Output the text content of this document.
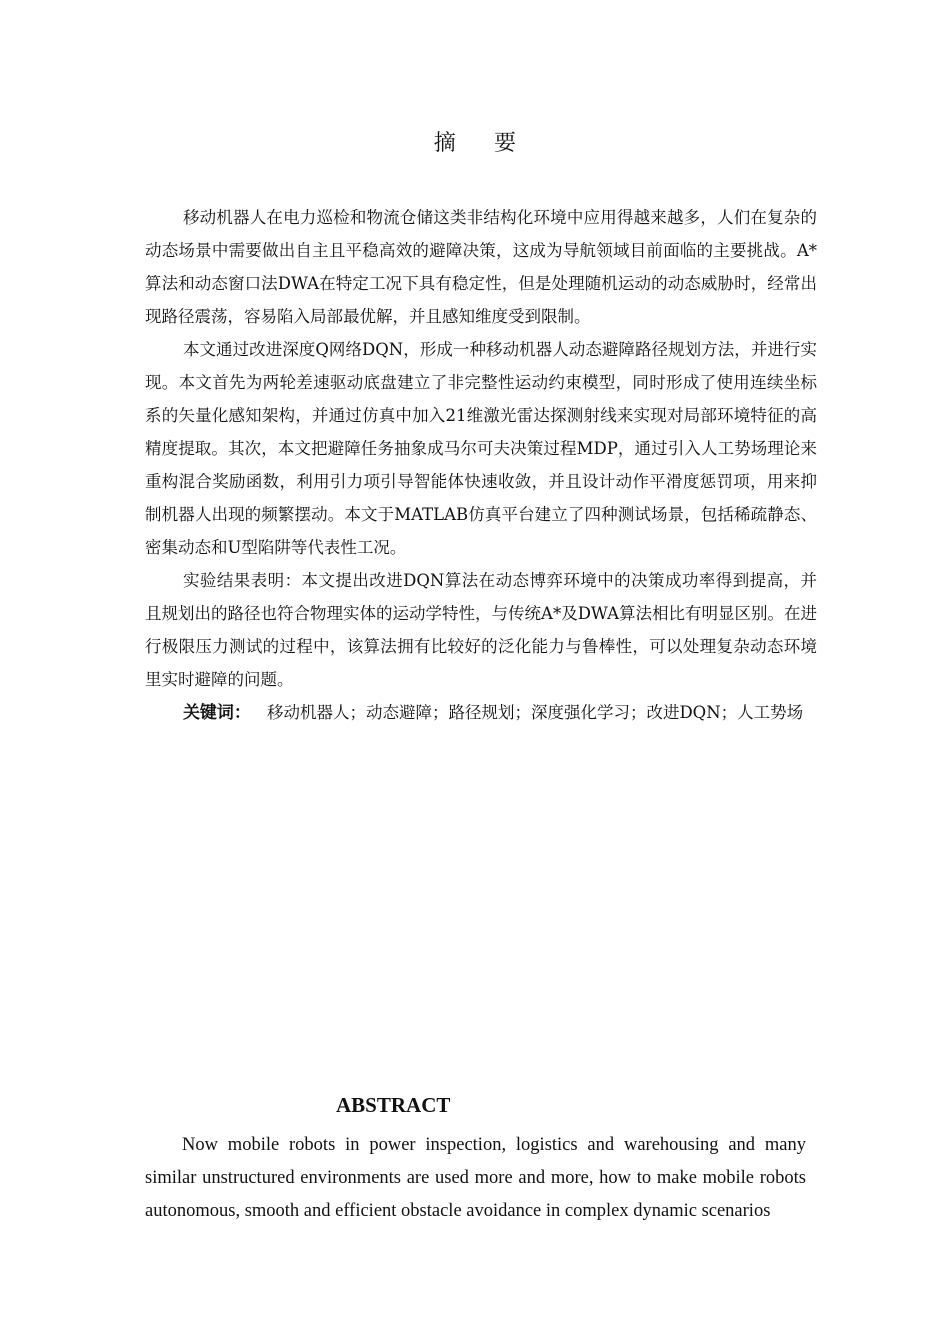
摘 要

移动机器人在电力巡检和物流仓储这类非结构化环境中应用得越来越多，人们在复杂的动态场景中需要做出自主且平稳高效的避障决策，这成为导航领域目前面临的主要挑战。A*算法和动态窗口法DWA在特定工况下具有稳定性，但是处理随机运动的动态威胁时，经常出现路径震荡，容易陷入局部最优解，并且感知维度受到限制。

本文通过改进深度Q网络DQN，形成一种移动机器人动态避障路径规划方法，并进行实现。本文首先为两轮差速驱动底盘建立了非完整性运动约束模型，同时形成了使用连续坐标系的矢量化感知架构，并通过仿真中加入21维激光雷达探测射线来实现对局部环境特征的高精度提取。其次，本文把避障任务抽象成马尔可夫决策过程MDP，通过引入人工势场理论来重构混合奖励函数，利用引力项引导智能体快速收敛，并且设计动作平滑度惩罚项，用来抑制机器人出现的频繁摆动。本文于MATLAB仿真平台建立了四种测试场景，包括稀疏静态、密集动态和U型陷阱等代表性工况。

实验结果表明：本文提出改进DQN算法在动态博弈环境中的决策成功率得到提高，并且规划出的路径也符合物理实体的运动学特性，与传统A*及DWA算法相比有明显区别。在进行极限压力测试的过程中，该算法拥有比较好的泛化能力与鲁棒性，可以处理复杂动态环境里实时避障的问题。

关键词： 移动机器人；动态避障；路径规划；深度强化学习；改进DQN；人工势场

ABSTRACT

Now mobile robots in power inspection, logistics and warehousing and many similar unstructured environments are used more and more, how to make mobile robots autonomous, smooth and efficient obstacle avoidance in complex dynamic scenarios
